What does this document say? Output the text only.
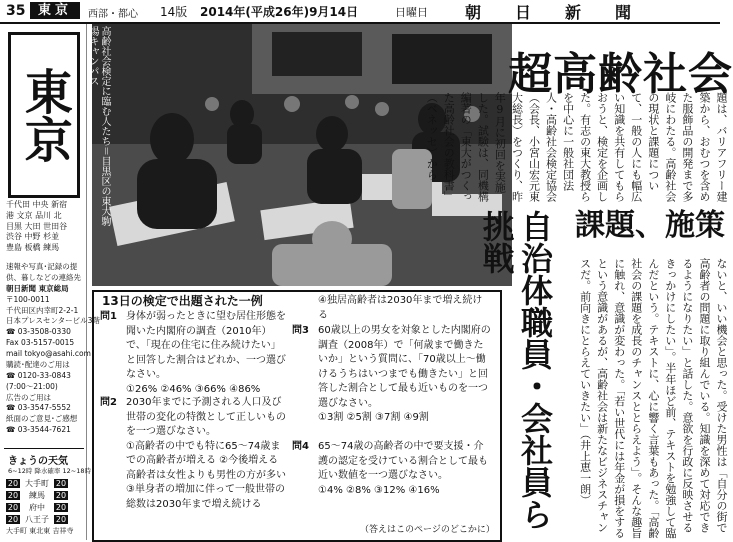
35 東京	西部・都心 14版 2014年(平成26年)9月14日	日曜日 朝日新聞
東京
千代田 中央 新宿
港 文京 品川 北
目黒 大田 世田谷
渋谷 中野 杉並
豊島 板橋 練馬
速報や写真･記録の提
供、暮しなどの連絡先
朝日新聞 東京総局
〒100-0011
千代田区内幸町2-2-1
日本プレスセンタービル3階
☎ 03-3508-0330
Fax 03-5157-0015
mail tokyo@asahi.com
購読･配達のご用は
☎ 0120-33-0843
(7:00～21:00)
広告のご用は
☎ 03-3547-5552
紙面のご意見･ご感想
☎ 03-3544-7621
きょうの天気
6~12時 降水確率 12~18時
20 大手町 20
20 練馬 20
20 府中 20
20 八王子 20
大手町 東北東 吉祥寺
高齢社会検定に臨む人たち＝目黒区の東大駒場キャンパス	超高齢社会
題は、バリアフリー建築から、おむつを含めた服飾品の開発まで多岐にわたる。高齢社会の現状と課題について、一般の人にも幅広い知識を共有してもらおうと、検定を企画した。有志の東大教授らを中心に一般社団法人・高齢社会検定協会（会長、小宮山宏元東大総長）をつくり、昨年9月に初回を実施した。試験は、同機構編著の「東大がつくった高齢社会の教科書」（ベネッセ）から
課題、施策
自治体職員・会社員ら挑戦
ないと、いい機会と思った。受けた男性は「自分の街で高齢者の問題に取り組んでいる。知識を深めて対応できるようになりたい」と話した。意欲を行政に反映させるきっかけにしたい」。半年ほど前、テキストを勉強して臨んだという。テキストに、心に響く言葉もあった。「高齢社会の課題を成長のチャンスととらえよう」。そんな趣旨に触れ、意識が変わった。「若い世代には年金が損をするという意識があるが、高齢社会は新たなビジネスチャンスだ。前向きにとらえていきたい」（井上恵一朗）
13日の検定で出題された一例
問1 身体が弱ったときに望む居住形態を聞いた内閣府の調査（2010年）で、「現在の住宅に住み続けたい」と回答した割合はどれか、一つ選びなさい。
①26% ②46% ③66% ④86%
問2 2030年までに予測される人口及び世帯の変化の特徴として正しいものを一つ選びなさい。
①高齢者の中でも特に65～74歳までの高齢者が増える ②今後増える高齢者は女性よりも男性の方が多い ③単身者の増加に伴って一般世帯の総数は2030年まで増え続ける
④独居高齢者は2030年まで増え続ける
問3 60歳以上の男女を対象とした内閣府の調査（2008年）で「何歳まで働きたいか」という質問に、「70歳以上～働けるうちはいつまでも働きたい」と回答した割合として最も近いものを一つ選びなさい。
①3割 ②5割 ③7割 ④9割
問4 65～74歳の高齢者の中で要支援・介護の認定を受けている割合として最も近い数値を一つ選びなさい。
①4% ②8% ③12% ④16%
（答えはこのページのどこかに）
